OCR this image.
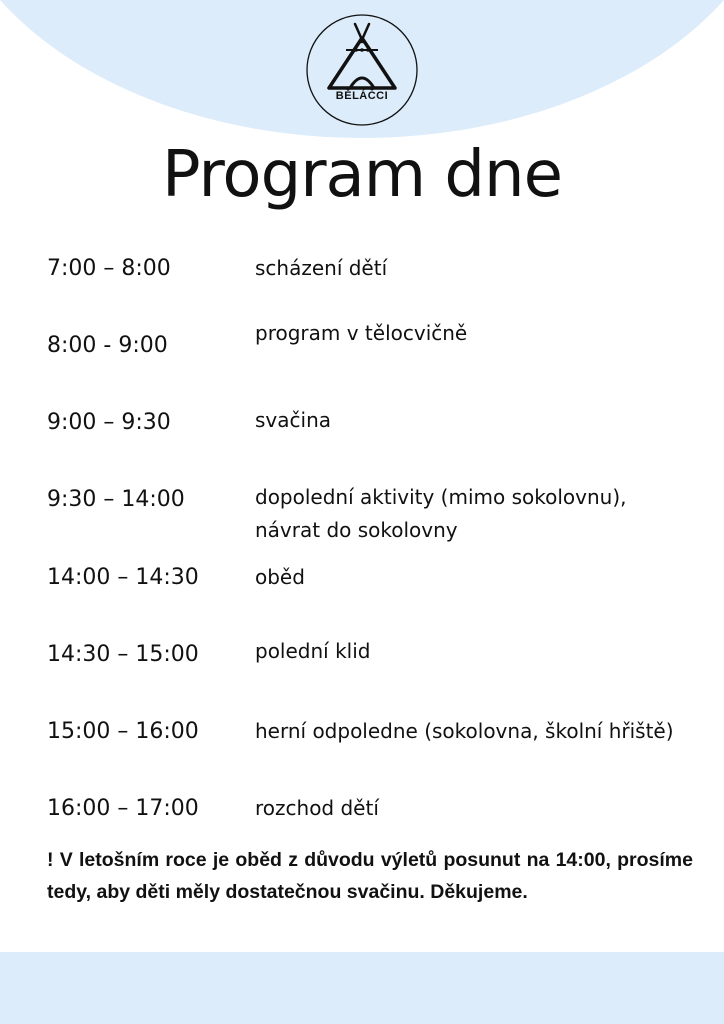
BĚLÁČCI
Program dne
7:00 – 8:00	scházení dětí
8:00 - 9:00	program v tělocvičně
9:00 – 9:30	svačina
9:30 – 14:00	dopolední aktivity (mimo sokolovnu), návrat do sokolovny
14:00 – 14:30	oběd
14:30 – 15:00	polední klid
15:00 – 16:00	herní odpoledne (sokolovna, školní hřiště)
16:00 – 17:00	rozchod dětí
! V letošním roce je oběd z důvodu výletů posunut na 14:00, prosíme tedy, aby děti měly dostatečnou svačinu. Děkujeme.
